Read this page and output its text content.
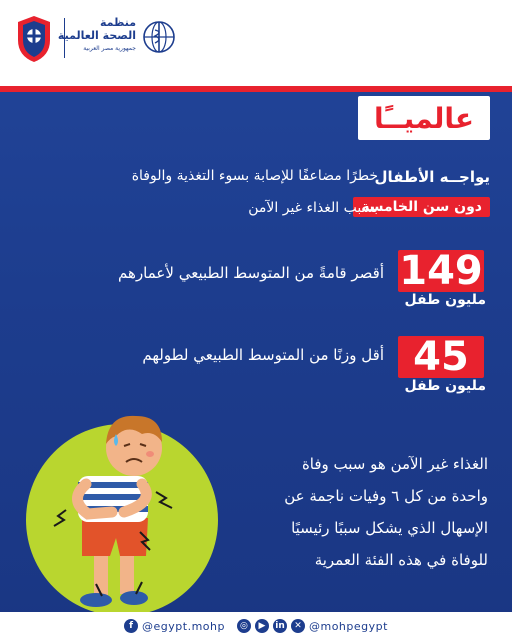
منظمة
الصحة العالمية
جمهورية مصر العربية
عالميــًا
يواجــه الأطفال
خطرًا مضاعفًا للإصابة بسوء التغذية والوفاة
دون سن الخامسة
بسبب الغذاء غير الآمن
149
مليون طفل
أقصر قامةً من المتوسط الطبيعي لأعمارهم
45
مليون طفل
أقل وزنًا من المتوسط الطبيعي لطولهم
الغذاء غير الآمن هو سبب وفاة
واحدة من كل ٦ وفيات ناجمة عن
الإسهال الذي يشكل سببًا رئيسيًا
للوفاة في هذه الفئة العمرية
f @egypt.mohp	◎	▶	in	✕ @mohpegypt
